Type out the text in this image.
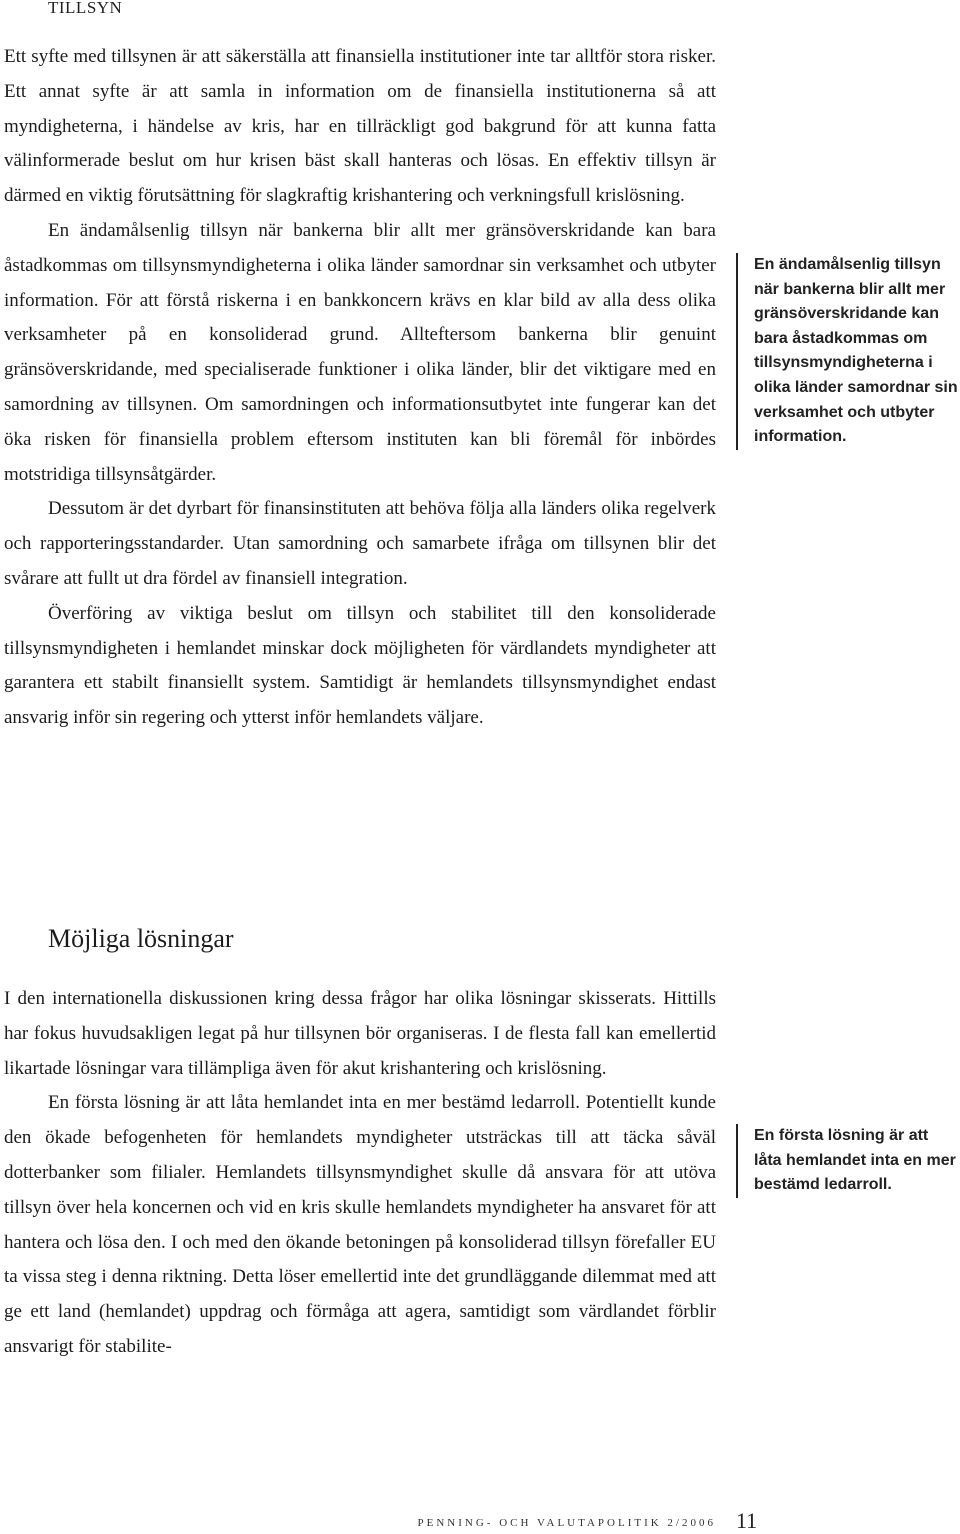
TILLSYN

Ett syfte med tillsynen är att säkerställa att finansiella institutioner inte tar alltför stora risker. Ett annat syfte är att samla in information om de finansiella institutionerna så att myndigheterna, i händelse av kris, har en tillräckligt god bakgrund för att kunna fatta välinformerade beslut om hur krisen bäst skall hanteras och lösas. En effektiv tillsyn är därmed en viktig förutsättning för slagkraftig krishantering och verkningsfull krislösning.

En ändamålsenlig tillsyn när bankerna blir allt mer gränsöverskridande kan bara åstadkommas om tillsynsmyndigheterna i olika länder samordnar sin verksamhet och utbyter information. För att förstå riskerna i en bankkoncern krävs en klar bild av alla dess olika verksamheter på en konsoliderad grund. Allteftersom bankerna blir genuint gränsöverskridande, med specialiserade funktioner i olika länder, blir det viktigare med en samordning av tillsynen. Om samordningen och informationsutbytet inte fungerar kan det öka risken för finansiella problem eftersom instituten kan bli föremål för inbördes motstridiga tillsynsåtgärder.

Dessutom är det dyrbart för finansinstituten att behöva följa alla länders olika regelverk och rapporteringsstandarder. Utan samordning och samarbete ifråga om tillsynen blir det svårare att fullt ut dra fördel av finansiell integration.

Överföring av viktiga beslut om tillsyn och stabilitet till den konsoliderade tillsynsmyndigheten i hemlandet minskar dock möjligheten för värdlandets myndigheter att garantera ett stabilt finansiellt system. Samtidigt är hemlandets tillsynsmyndighet endast ansvarig inför sin regering och ytterst inför hemlandets väljare.

Möjliga lösningar

I den internationella diskussionen kring dessa frågor har olika lösningar skisserats. Hittills har fokus huvudsakligen legat på hur tillsynen bör organiseras. I de flesta fall kan emellertid likartade lösningar vara tillämpliga även för akut krishantering och krislösning.

En första lösning är att låta hemlandet inta en mer bestämd ledarroll. Potentiellt kunde den ökade befogenheten för hemlandets myndigheter utsträckas till att täcka såväl dotterbanker som filialer. Hemlandets tillsynsmyndighet skulle då ansvara för att utöva tillsyn över hela koncernen och vid en kris skulle hemlandets myndigheter ha ansvaret för att hantera och lösa den. I och med den ökande betoningen på konsoliderad tillsyn förefaller EU ta vissa steg i denna riktning. Detta löser emellertid inte det grundläggande dilemmat med att ge ett land (hemlandet) uppdrag och förmåga att agera, samtidigt som värdlandet förblir ansvarigt för stabilite-

En ändamålsenlig tillsyn när bankerna blir allt mer gränsöverskridande kan bara åstadkommas om tillsynsmyndigheterna i olika länder samordnar sin verksamhet och utbyter information.
En första lösning är att låta hemlandet inta en mer bestämd ledarroll.
PENNING- OCH VALUTAPOLITIK 2/2006 11
